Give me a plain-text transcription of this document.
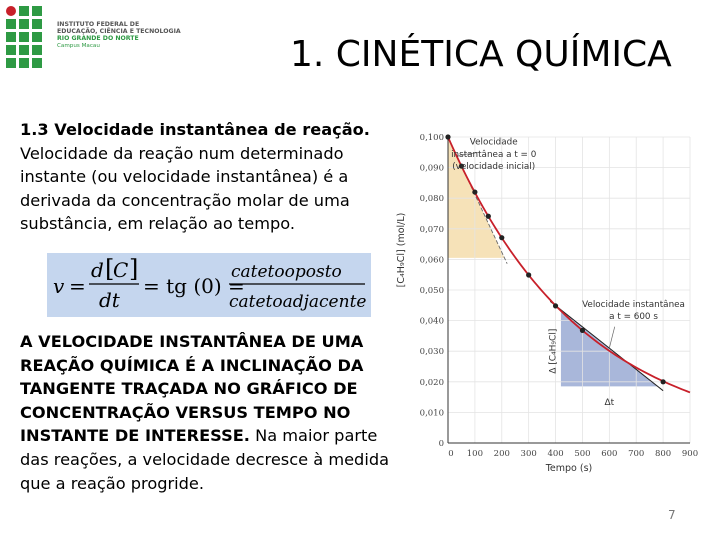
INSTITUTO FEDERAL DE
EDUCAÇÃO, CIÊNCIA E TECNOLOGIA
RIO GRANDE DO NORTE
Campus Macau	1. CINÉTICA QUÍMICA
1.3 Velocidade instantânea de reação.
Velocidade da reação num determinado instante (ou velocidade instantânea) é a derivada da concentração molar de uma substância, em relação ao tempo.
v =
d [
C ]
dt
= tg (0) =
catetooposto
catetoadjacente
A VELOCIDADE INSTANTÂNEA DE UMA REAÇÃO QUÍMICA É A INCLINAÇÃO DA TANGENTE TRAÇADA NO GRÁFICO DE CONCENTRAÇÃO VERSUS TEMPO NO INSTANTE DE INTERESSE. Na maior parte das reações, a velocidade decresce à medida que a reação progride.
0
0,010
0,020
0,030
0,040
0,050
0,060
0,070
0,080
0,090
0,100
100 200 300 400 500 600 700 800 900
0
Tempo (s)
[C₄H₉Cl] (mol/L)
Velocidade
instantânea a t = 0
(velocidade inicial)
Velocidade instantânea
a t = 600 s
Δ [C₄H₉Cl]
Δt
7
